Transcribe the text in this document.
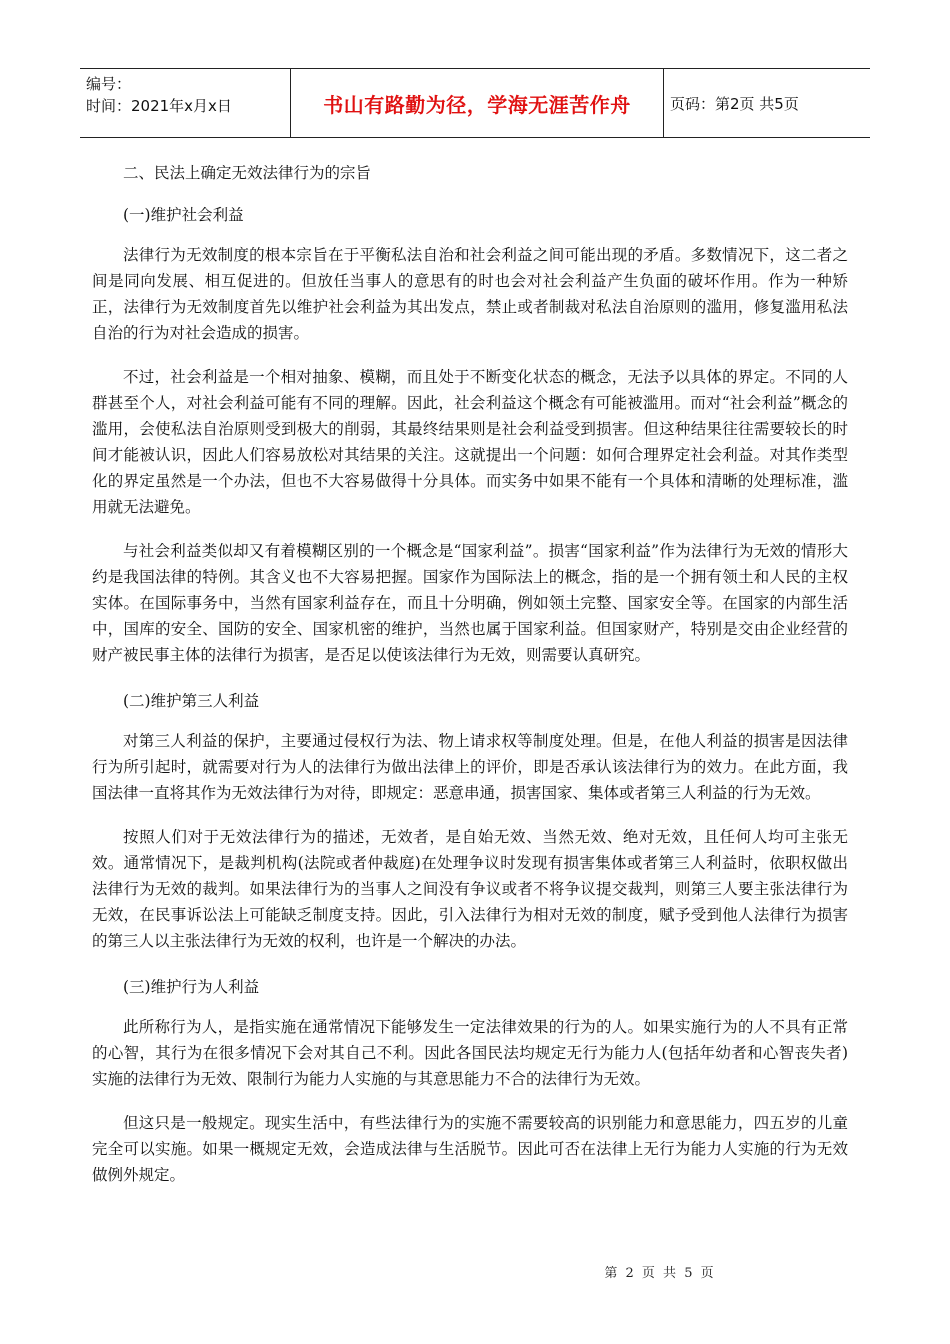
编号：
时间：2021年x月x日	书山有路勤为径，学海无涯苦作舟	页码：第2页 共5页
二、民法上确定无效法律行为的宗旨
(一)维护社会利益

法律行为无效制度的根本宗旨在于平衡私法自治和社会利益之间可能出现的矛盾。多数情况下，这二者之间是同向发展、相互促进的。但放任当事人的意思有的时也会对社会利益产生负面的破坏作用。作为一种矫正，法律行为无效制度首先以维护社会利益为其出发点，禁止或者制裁对私法自治原则的滥用，修复滥用私法自治的行为对社会造成的损害。

不过，社会利益是一个相对抽象、模糊，而且处于不断变化状态的概念，无法予以具体的界定。不同的人群甚至个人，对社会利益可能有不同的理解。因此，社会利益这个概念有可能被滥用。而对“社会利益”概念的滥用，会使私法自治原则受到极大的削弱，其最终结果则是社会利益受到损害。但这种结果往往需要较长的时间才能被认识，因此人们容易放松对其结果的关注。这就提出一个问题：如何合理界定社会利益。对其作类型化的界定虽然是一个办法，但也不大容易做得十分具体。而实务中如果不能有一个具体和清晰的处理标准，滥用就无法避免。

与社会利益类似却又有着模糊区别的一个概念是“国家利益”。损害“国家利益”作为法律行为无效的情形大约是我国法律的特例。其含义也不大容易把握。国家作为国际法上的概念，指的是一个拥有领土和人民的主权实体。在国际事务中，当然有国家利益存在，而且十分明确，例如领土完整、国家安全等。在国家的内部生活中，国库的安全、国防的安全、国家机密的维护，当然也属于国家利益。但国家财产，特别是交由企业经营的财产被民事主体的法律行为损害，是否足以使该法律行为无效，则需要认真研究。

(二)维护第三人利益

对第三人利益的保护，主要通过侵权行为法、物上请求权等制度处理。但是，在他人利益的损害是因法律行为所引起时，就需要对行为人的法律行为做出法律上的评价，即是否承认该法律行为的效力。在此方面，我国法律一直将其作为无效法律行为对待，即规定：恶意串通，损害国家、集体或者第三人利益的行为无效。

按照人们对于无效法律行为的描述，无效者，是自始无效、当然无效、绝对无效，且任何人均可主张无效。通常情况下，是裁判机构(法院或者仲裁庭)在处理争议时发现有损害集体或者第三人利益时，依职权做出法律行为无效的裁判。如果法律行为的当事人之间没有争议或者不将争议提交裁判，则第三人要主张法律行为无效，在民事诉讼法上可能缺乏制度支持。因此，引入法律行为相对无效的制度，赋予受到他人法律行为损害的第三人以主张法律行为无效的权利，也许是一个解决的办法。

(三)维护行为人利益

此所称行为人，是指实施在通常情况下能够发生一定法律效果的行为的人。如果实施行为的人不具有正常的心智，其行为在很多情况下会对其自己不利。因此各国民法均规定无行为能力人(包括年幼者和心智丧失者)实施的法律行为无效、限制行为能力人实施的与其意思能力不合的法律行为无效。

但这只是一般规定。现实生活中，有些法律行为的实施不需要较高的识别能力和意思能力，四五岁的儿童完全可以实施。如果一概规定无效，会造成法律与生活脱节。因此可否在法律上无行为能力人实施的行为无效做例外规定。

第 2 页 共 5 页
